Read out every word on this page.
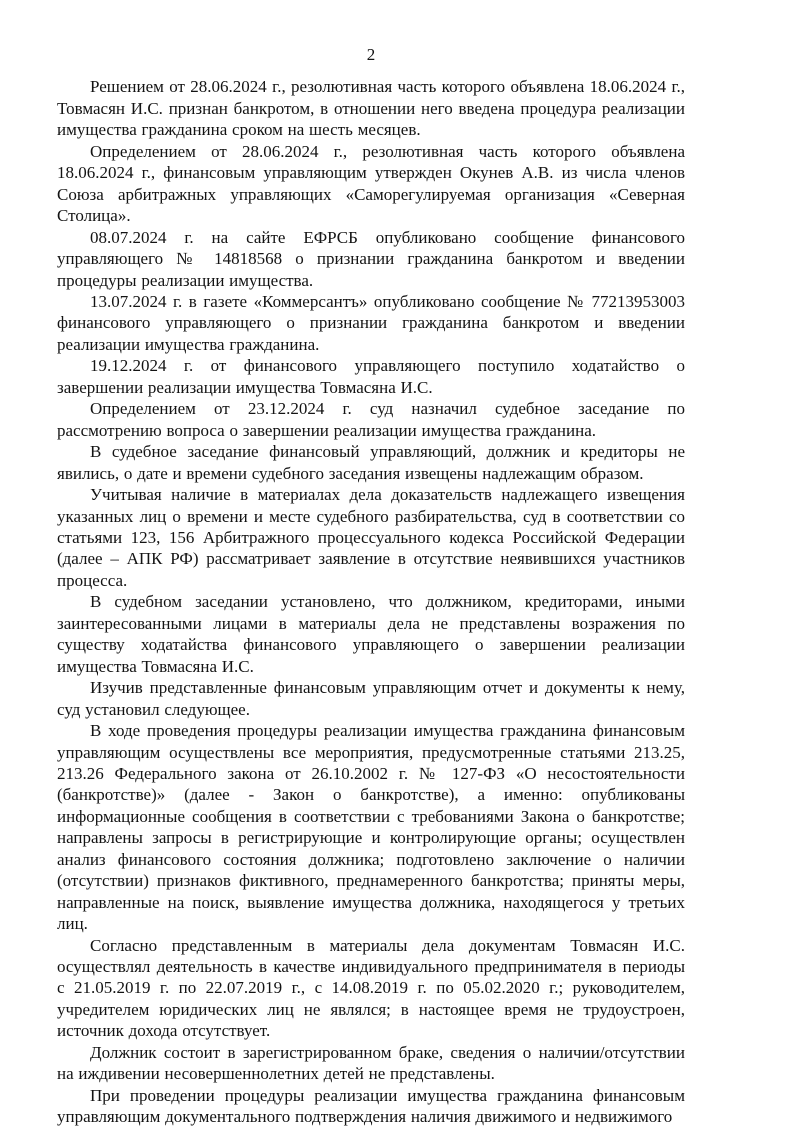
2

Решением от 28.06.2024 г., резолютивная часть которого объявлена 18.06.2024 г., Товмасян И.С. признан банкротом, в отношении него введена процедура реализации имущества гражданина сроком на шесть месяцев.

Определением от 28.06.2024 г., резолютивная часть которого объявлена 18.06.2024 г., финансовым управляющим утвержден Окунев А.В. из числа членов Союза арбитражных управляющих «Саморегулируемая организация «Северная Столица».

08.07.2024 г. на сайте ЕФРСБ опубликовано сообщение финансового управляющего № 14818568 о признании гражданина банкротом и введении процедуры реализации имущества.

13.07.2024 г. в газете «Коммерсантъ» опубликовано сообщение № 77213953003 финансового управляющего о признании гражданина банкротом и введении реализации имущества гражданина.

19.12.2024 г. от финансового управляющего поступило ходатайство о завершении реализации имущества Товмасяна И.С.

Определением от 23.12.2024 г. суд назначил судебное заседание по рассмотрению вопроса о завершении реализации имущества гражданина.

В судебное заседание финансовый управляющий, должник и кредиторы не явились, о дате и времени судебного заседания извещены надлежащим образом.

Учитывая наличие в материалах дела доказательств надлежащего извещения указанных лиц о времени и месте судебного разбирательства, суд в соответствии со статьями 123, 156 Арбитражного процессуального кодекса Российской Федерации (далее – АПК РФ) рассматривает заявление в отсутствие неявившихся участников процесса.

В судебном заседании установлено, что должником, кредиторами, иными заинтересованными лицами в материалы дела не представлены возражения по существу ходатайства финансового управляющего о завершении реализации имущества Товмасяна И.С.

Изучив представленные финансовым управляющим отчет и документы к нему, суд установил следующее.

В ходе проведения процедуры реализации имущества гражданина финансовым управляющим осуществлены все мероприятия, предусмотренные статьями 213.25, 213.26 Федерального закона от 26.10.2002 г. № 127-ФЗ «О несостоятельности (банкротстве)» (далее - Закон о банкротстве), а именно: опубликованы информационные сообщения в соответствии с требованиями Закона о банкротстве; направлены запросы в регистрирующие и контролирующие органы; осуществлен анализ финансового состояния должника; подготовлено заключение о наличии (отсутствии) признаков фиктивного, преднамеренного банкротства; приняты меры, направленные на поиск, выявление имущества должника, находящегося у третьих лиц.

Согласно представленным в материалы дела документам Товмасян И.С. осуществлял деятельность в качестве индивидуального предпринимателя в периоды с 21.05.2019 г. по 22.07.2019 г., с 14.08.2019 г. по 05.02.2020 г.; руководителем, учредителем юридических лиц не являлся; в настоящее время не трудоустроен, источник дохода отсутствует.

Должник состоит в зарегистрированном браке, сведения о наличии/отсутствии на иждивении несовершеннолетних детей не представлены.

При проведении процедуры реализации имущества гражданина финансовым управляющим документального подтверждения наличия движимого и недвижимого
